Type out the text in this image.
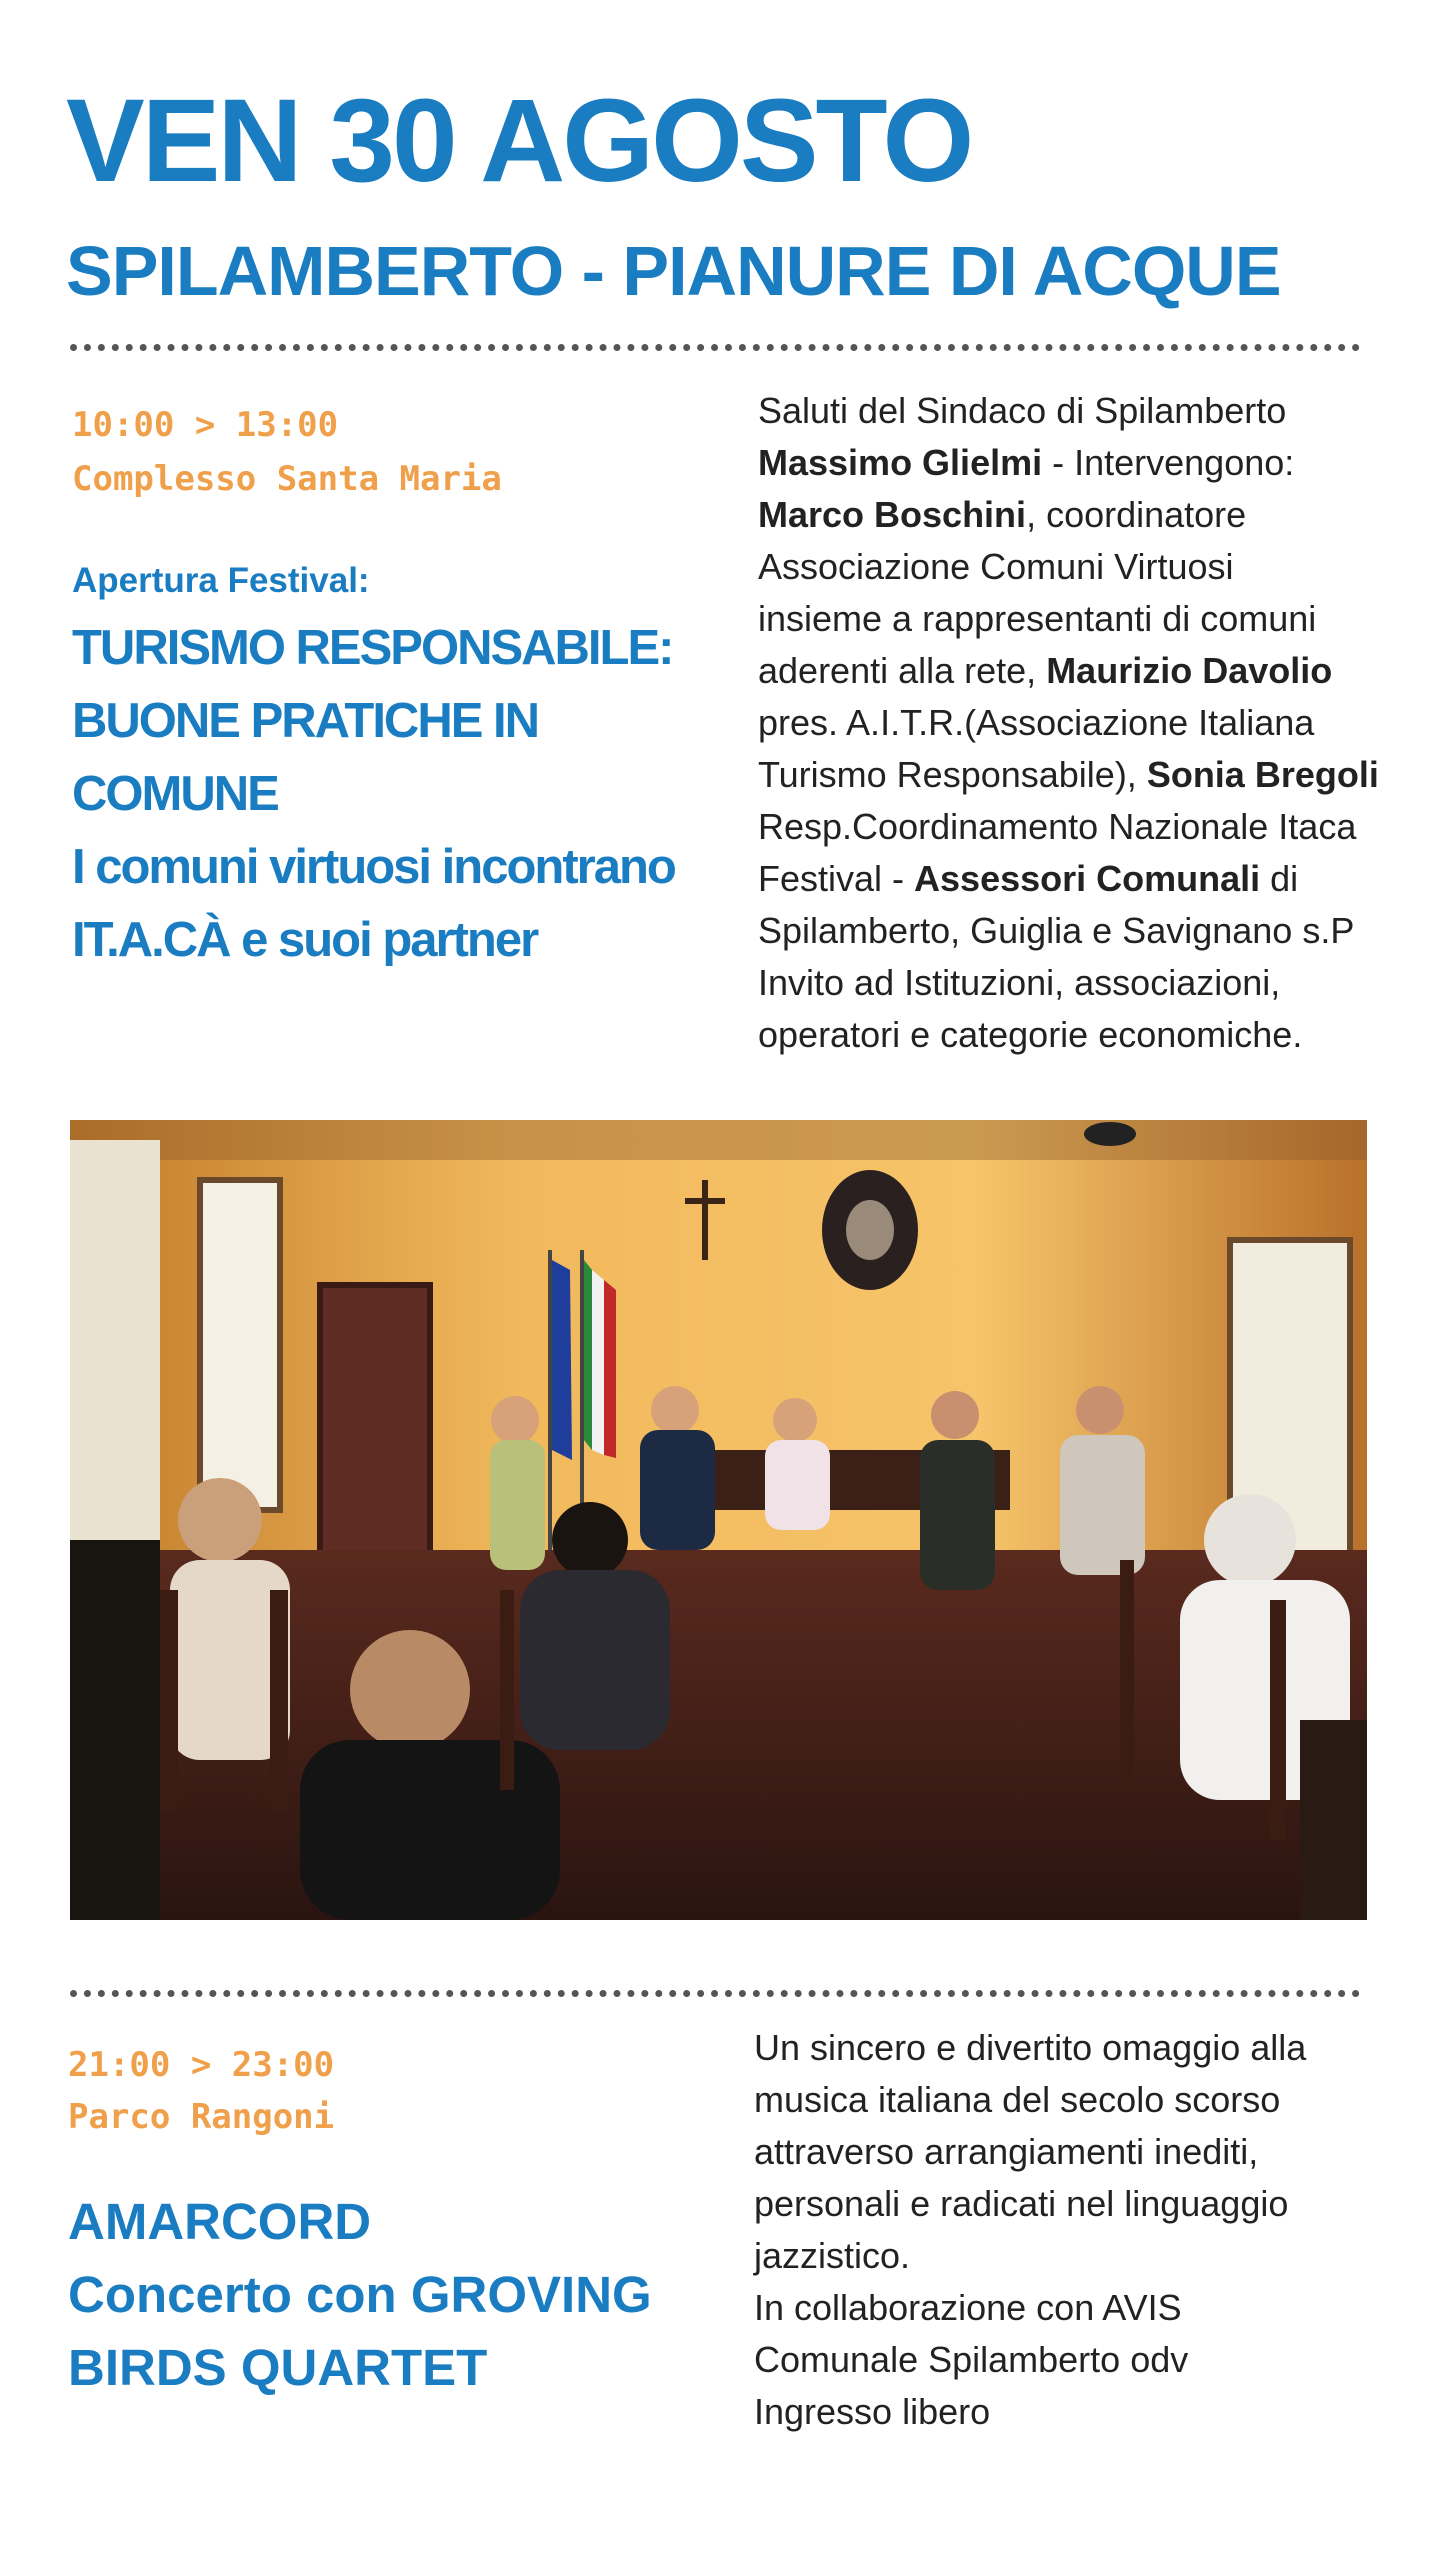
VEN 30 AGOSTO
SPILAMBERTO - PIANURE DI ACQUE
10:00 > 13:00
Complesso Santa Maria
Apertura Festival:
TURISMO RESPONSABILE:
BUONE PRATICHE IN
COMUNE
I comuni virtuosi incontrano
IT.A.CÀ e suoi partner
Saluti del Sindaco di Spilamberto
Massimo Glielmi - Intervengono:
Marco Boschini, coordinatore
Associazione Comuni Virtuosi
insieme a rappresentanti di comuni
aderenti alla rete, Maurizio Davolio
pres. A.I.T.R.(Associazione Italiana
Turismo Responsabile), Sonia Bregoli
Resp.Coordinamento Nazionale Itaca
Festival - Assessori Comunali di
Spilamberto, Guiglia e Savignano s.P
Invito ad Istituzioni, associazioni,
operatori e categorie economiche.
21:00 > 23:00
Parco Rangoni
AMARCORD
Concerto con GROVING
BIRDS QUARTET
Un sincero e divertito omaggio alla
musica italiana del secolo scorso
attraverso arrangiamenti inediti,
personali e radicati nel linguaggio
jazzistico.
In collaborazione con AVIS
Comunale Spilamberto odv
Ingresso libero
